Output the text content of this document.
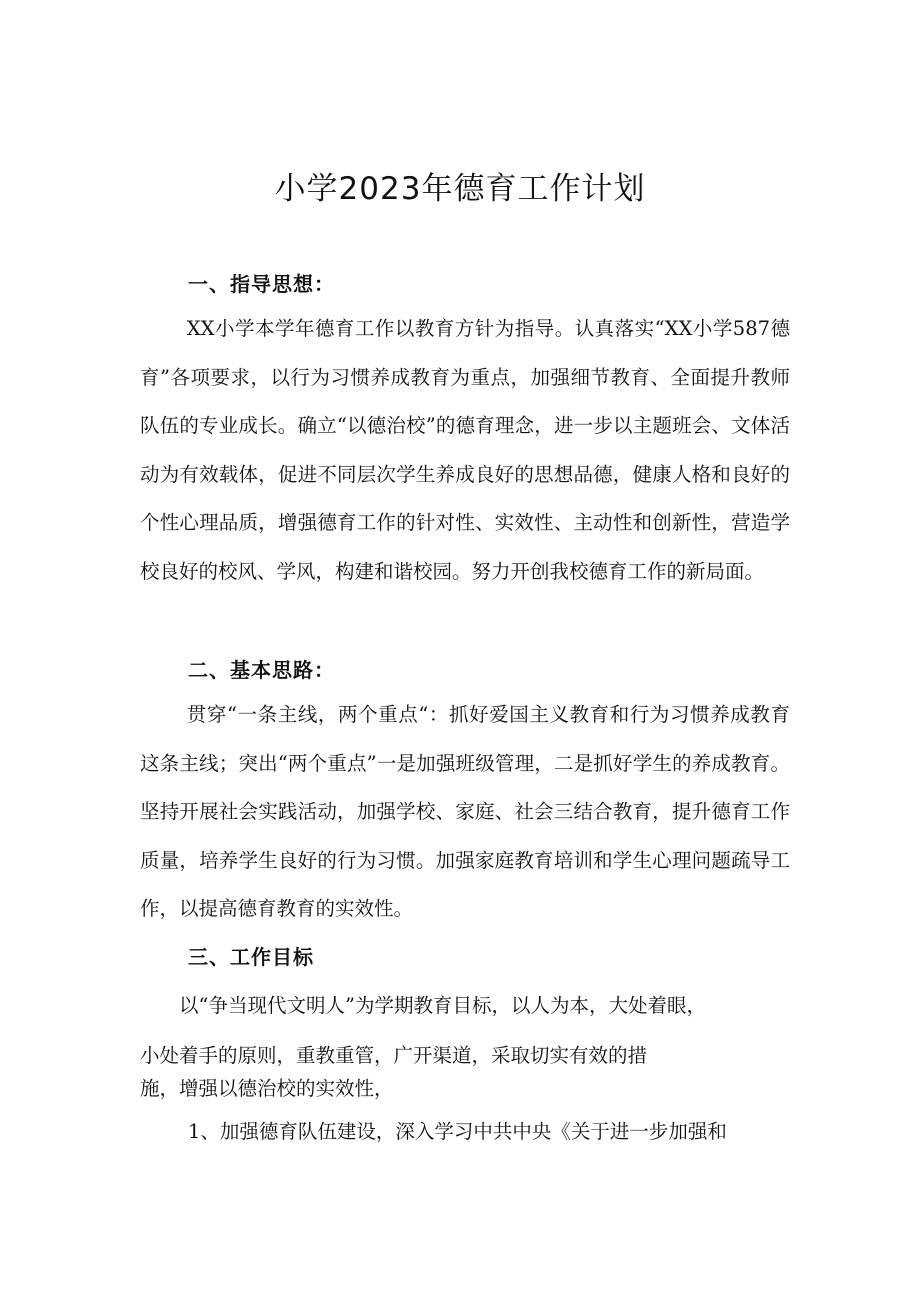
小学2023年德育工作计划
一、指导思想：

XX小学本学年德育工作以教育方针为指导。认真落实“XX小学587德育”各项要求，以行为习惯养成教育为重点，加强细节教育、全面提升教师队伍的专业成长。确立“以德治校”的德育理念，进一步以主题班会、文体活动为有效载体，促进不同层次学生养成良好的思想品德，健康人格和良好的个性心理品质，增强德育工作的针对性、实效性、主动性和创新性，营造学校良好的校风、学风，构建和谐校园。努力开创我校德育工作的新局面。

二、基本思路：

贯穿“一条主线，两个重点“：抓好爱国主义教育和行为习惯养成教育这条主线；突出“两个重点”一是加强班级管理，二是抓好学生的养成教育。坚持开展社会实践活动，加强学校、家庭、社会三结合教育，提升德育工作质量，培养学生良好的行为习惯。加强家庭教育培训和学生心理问题疏导工作，以提高德育教育的实效性。

三、工作目标

　　以“争当现代文明人”为学期教育目标，以人为本，大处着眼，

小处着手的原则，重教重管，广开渠道，采取切实有效的措

施，增强以德治校的实效性，

1、加强德育队伍建设，深入学习中共中央《关于进一步加强和
